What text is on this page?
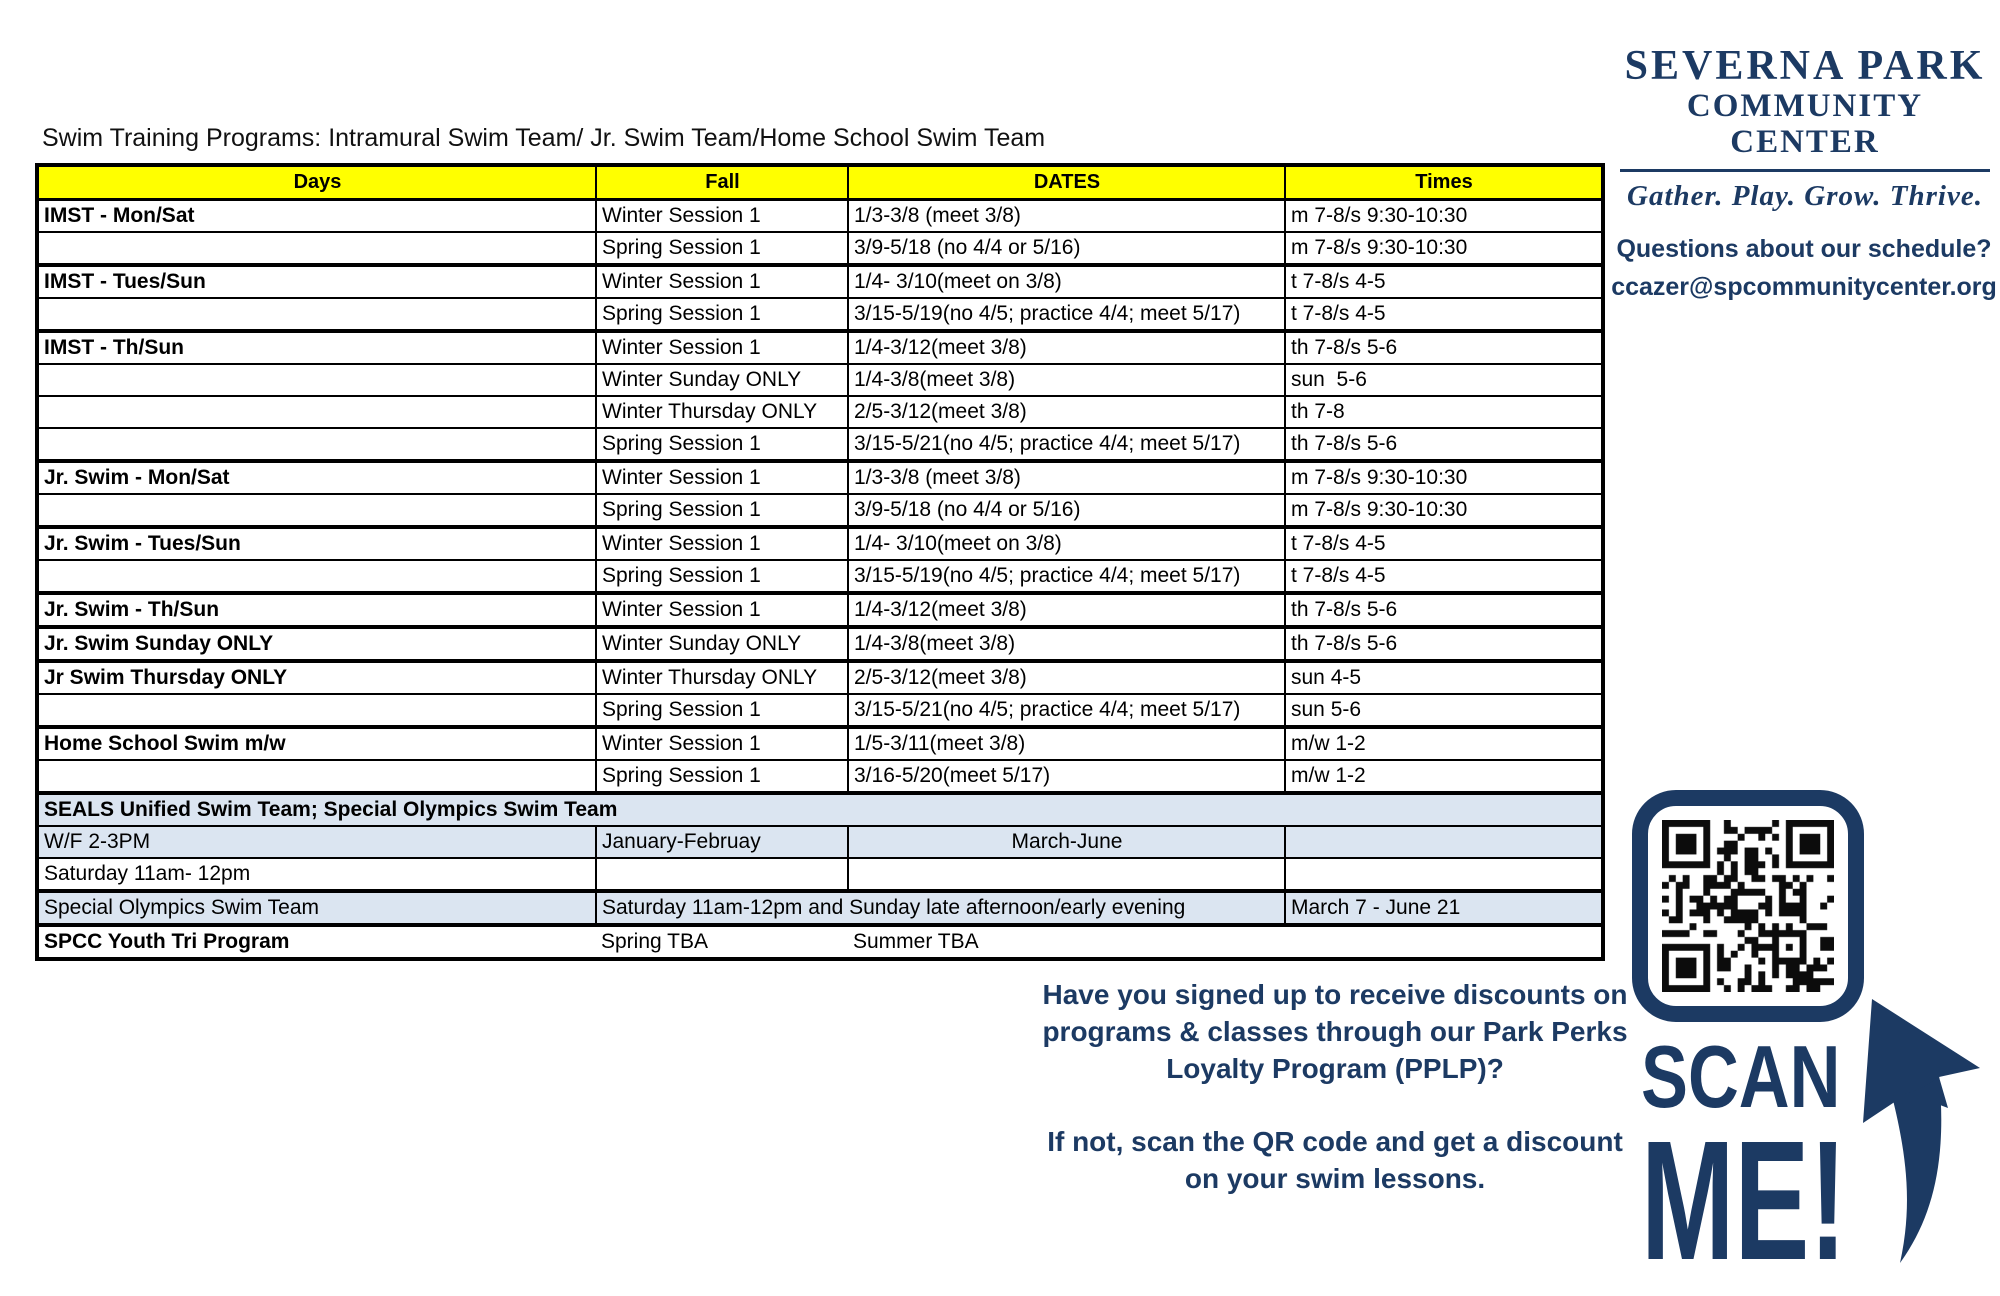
Swim Training Programs: Intramural Swim Team/ Jr. Swim Team/Home School Swim Team
Days	Fall	DATES	Times
IMST - Mon/Sat	Winter Session 1	1/3-3/8 (meet 3/8)	m 7-8/s 9:30-10:30
	Spring Session 1	3/9-5/18 (no 4/4 or 5/16)	m 7-8/s 9:30-10:30
IMST - Tues/Sun	Winter Session 1	1/4- 3/10(meet on 3/8)	t 7-8/s 4-5
	Spring Session 1	3/15-5/19(no 4/5; practice 4/4; meet 5/17)	t 7-8/s 4-5
IMST - Th/Sun	Winter Session 1	1/4-3/12(meet 3/8)	th 7-8/s 5-6
	Winter Sunday ONLY	1/4-3/8(meet 3/8)	sun  5-6
	Winter Thursday ONLY	2/5-3/12(meet 3/8)	th 7-8
	Spring Session 1	3/15-5/21(no 4/5; practice 4/4; meet 5/17)	th 7-8/s 5-6
Jr. Swim - Mon/Sat	Winter Session 1	1/3-3/8 (meet 3/8)	m 7-8/s 9:30-10:30
	Spring Session 1	3/9-5/18 (no 4/4 or 5/16)	m 7-8/s 9:30-10:30
Jr. Swim - Tues/Sun	Winter Session 1	1/4- 3/10(meet on 3/8)	t 7-8/s 4-5
	Spring Session 1	3/15-5/19(no 4/5; practice 4/4; meet 5/17)	t 7-8/s 4-5
Jr. Swim - Th/Sun	Winter Session 1	1/4-3/12(meet 3/8)	th 7-8/s 5-6
Jr. Swim Sunday ONLY	Winter Sunday ONLY	1/4-3/8(meet 3/8)	th 7-8/s 5-6
Jr Swim Thursday ONLY	Winter Thursday ONLY	2/5-3/12(meet 3/8)	sun 4-5
	Spring Session 1	3/15-5/21(no 4/5; practice 4/4; meet 5/17)	sun 5-6
Home School Swim m/w	Winter Session 1	1/5-3/11(meet 3/8)	m/w 1-2
	Spring Session 1	3/16-5/20(meet 5/17)	m/w 1-2
SEALS Unified Swim Team; Special Olympics Swim Team			
W/F 2-3PM	January-Februay	March-June	
Saturday 11am- 12pm			
Special Olympics Swim Team	Saturday 11am-12pm and Sunday late afternoon/early evening		March 7 - June 21
SPCC Youth Tri Program	Spring TBA	Summer TBA	
SEVERNA PARK
COMMUNITY CENTER
Gather. Play. Grow. Thrive.
Questions about our schedule?
ccazer@spcommunitycenter.org
Have you signed up to receive discounts on
programs & classes through our Park Perks
Loyalty Program (PPLP)?
If not, scan the QR code and get a discount
on your swim lessons.
SCAN
ME!
